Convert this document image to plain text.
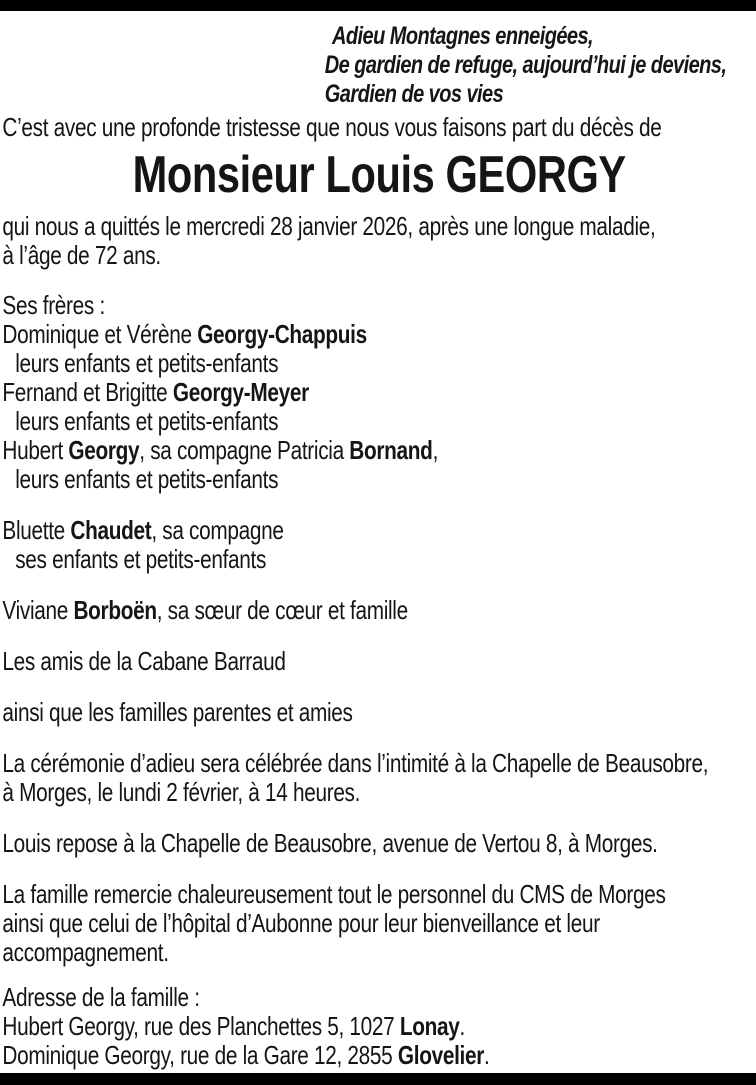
Adieu Montagnes enneigées,
De gardien de refuge, aujourd’hui je deviens,
Gardien de vos vies
C’est avec une profonde tristesse que nous vous faisons part du décès de
Monsieur Louis GEORGY
qui nous a quittés le mercredi 28 janvier 2026, après une longue maladie,
à l’âge de 72 ans.
Ses frères :
Dominique et Vérène Georgy-Chappuis
leurs enfants et petits-enfants
Fernand et Brigitte Georgy-Meyer
leurs enfants et petits-enfants
Hubert Georgy, sa compagne Patricia Bornand,
leurs enfants et petits-enfants
Bluette Chaudet, sa compagne
ses enfants et petits-enfants
Viviane Borboën, sa sœur de cœur et famille
Les amis de la Cabane Barraud
ainsi que les familles parentes et amies
La cérémonie d’adieu sera célébrée dans l’intimité à la Chapelle de Beausobre,
à Morges, le lundi 2 février, à 14 heures.
Louis repose à la Chapelle de Beausobre, avenue de Vertou 8, à Morges.
La famille remercie chaleureusement tout le personnel du CMS de Morges
ainsi que celui de l’hôpital d’Aubonne pour leur bienveillance et leur
accompagnement.
Adresse de la famille :
Hubert Georgy, rue des Planchettes 5, 1027 Lonay.
Dominique Georgy, rue de la Gare 12, 2855 Glovelier.
